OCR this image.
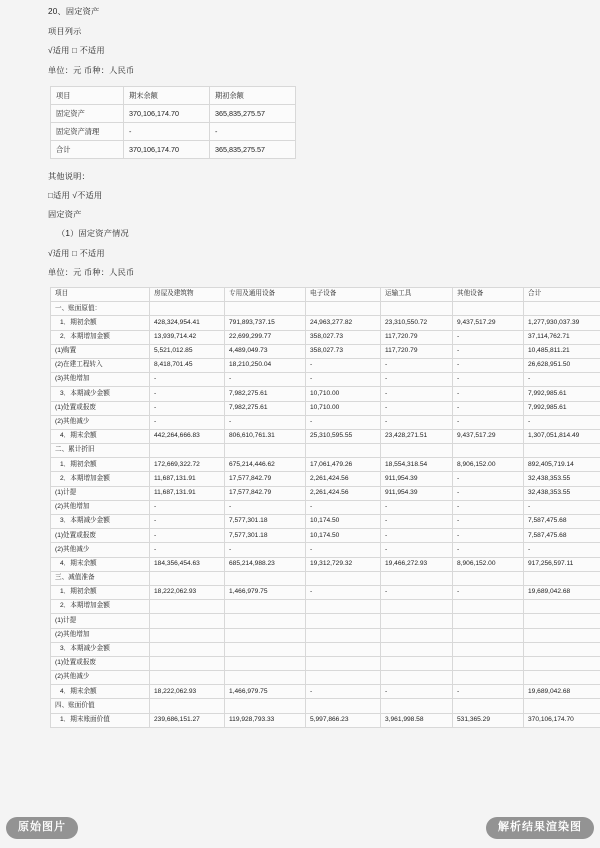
20、固定资产

项目列示

√适用 □ 不适用

单位：元 币种：人民币

项目	期末余额	期初余额
固定资产	370,106,174.70	365,835,275.57
固定资产清理	-	-
合计	370,106,174.70	365,835,275.57

其他说明：

□适用 √不适用

固定资产

（1）固定资产情况

√适用 □ 不适用

单位：元 币种：人民币

项目	房屋及建筑物	专用及通用设备	电子设备	运输工具	其他设备	合计
一、账面原值：						
1．期初余额	428,324,954.41	791,893,737.15	24,963,277.82	23,310,550.72	9,437,517.29	1,277,930,037.39
2．本期增加金额	13,939,714.42	22,699,299.77	358,027.73	117,720.79	-	37,114,762.71
(1)购置	5,521,012.85	4,489,049.73	358,027.73	117,720.79	-	10,485,811.21
(2)在建工程转入	8,418,701.45	18,210,250.04	-	-	-	26,628,951.50
(3)其他增加	-	-	-	-	-	-
3．本期减少金额	-	7,982,275.61	10,710.00	-	-	7,992,985.61
(1)处置或报废	-	7,982,275.61	10,710.00	-	-	7,992,985.61
(2)其他减少	-	-	-	-	-	-
4．期末余额	442,264,666.83	806,610,761.31	25,310,595.55	23,428,271.51	9,437,517.29	1,307,051,814.49
二、累计折旧						
1．期初余额	172,669,322.72	675,214,446.62	17,061,479.26	18,554,318.54	8,906,152.00	892,405,719.14
2．本期增加金额	11,687,131.91	17,577,842.79	2,261,424.56	911,954.39	-	32,438,353.55
(1)计提	11,687,131.91	17,577,842.79	2,261,424.56	911,954.39	-	32,438,353.55
(2)其他增加	-	-	-	-	-	-
3．本期减少金额	-	7,577,301.18	10,174.50	-	-	7,587,475.68
(1)处置或报废	-	7,577,301.18	10,174.50	-	-	7,587,475.68
(2)其他减少	-	-	-	-	-	-
4．期末余额	184,356,454.63	685,214,988.23	19,312,729.32	19,466,272.93	8,906,152.00	917,256,597.11
三、减值准备						
1．期初余额	18,222,062.93	1,466,979.75	-	-	-	19,689,042.68
2．本期增加金额						
(1)计提						
(2)其他增加						
3．本期减少金额						
(1)处置或报废						
(2)其他减少						
4．期末余额	18,222,062.93	1,466,979.75	-	-	-	19,689,042.68
四、账面价值						
1．期末账面价值	239,686,151.27	119,928,793.33	5,997,866.23	3,961,998.58	531,365.29	370,106,174.70
原始图片	解析结果渲染图
